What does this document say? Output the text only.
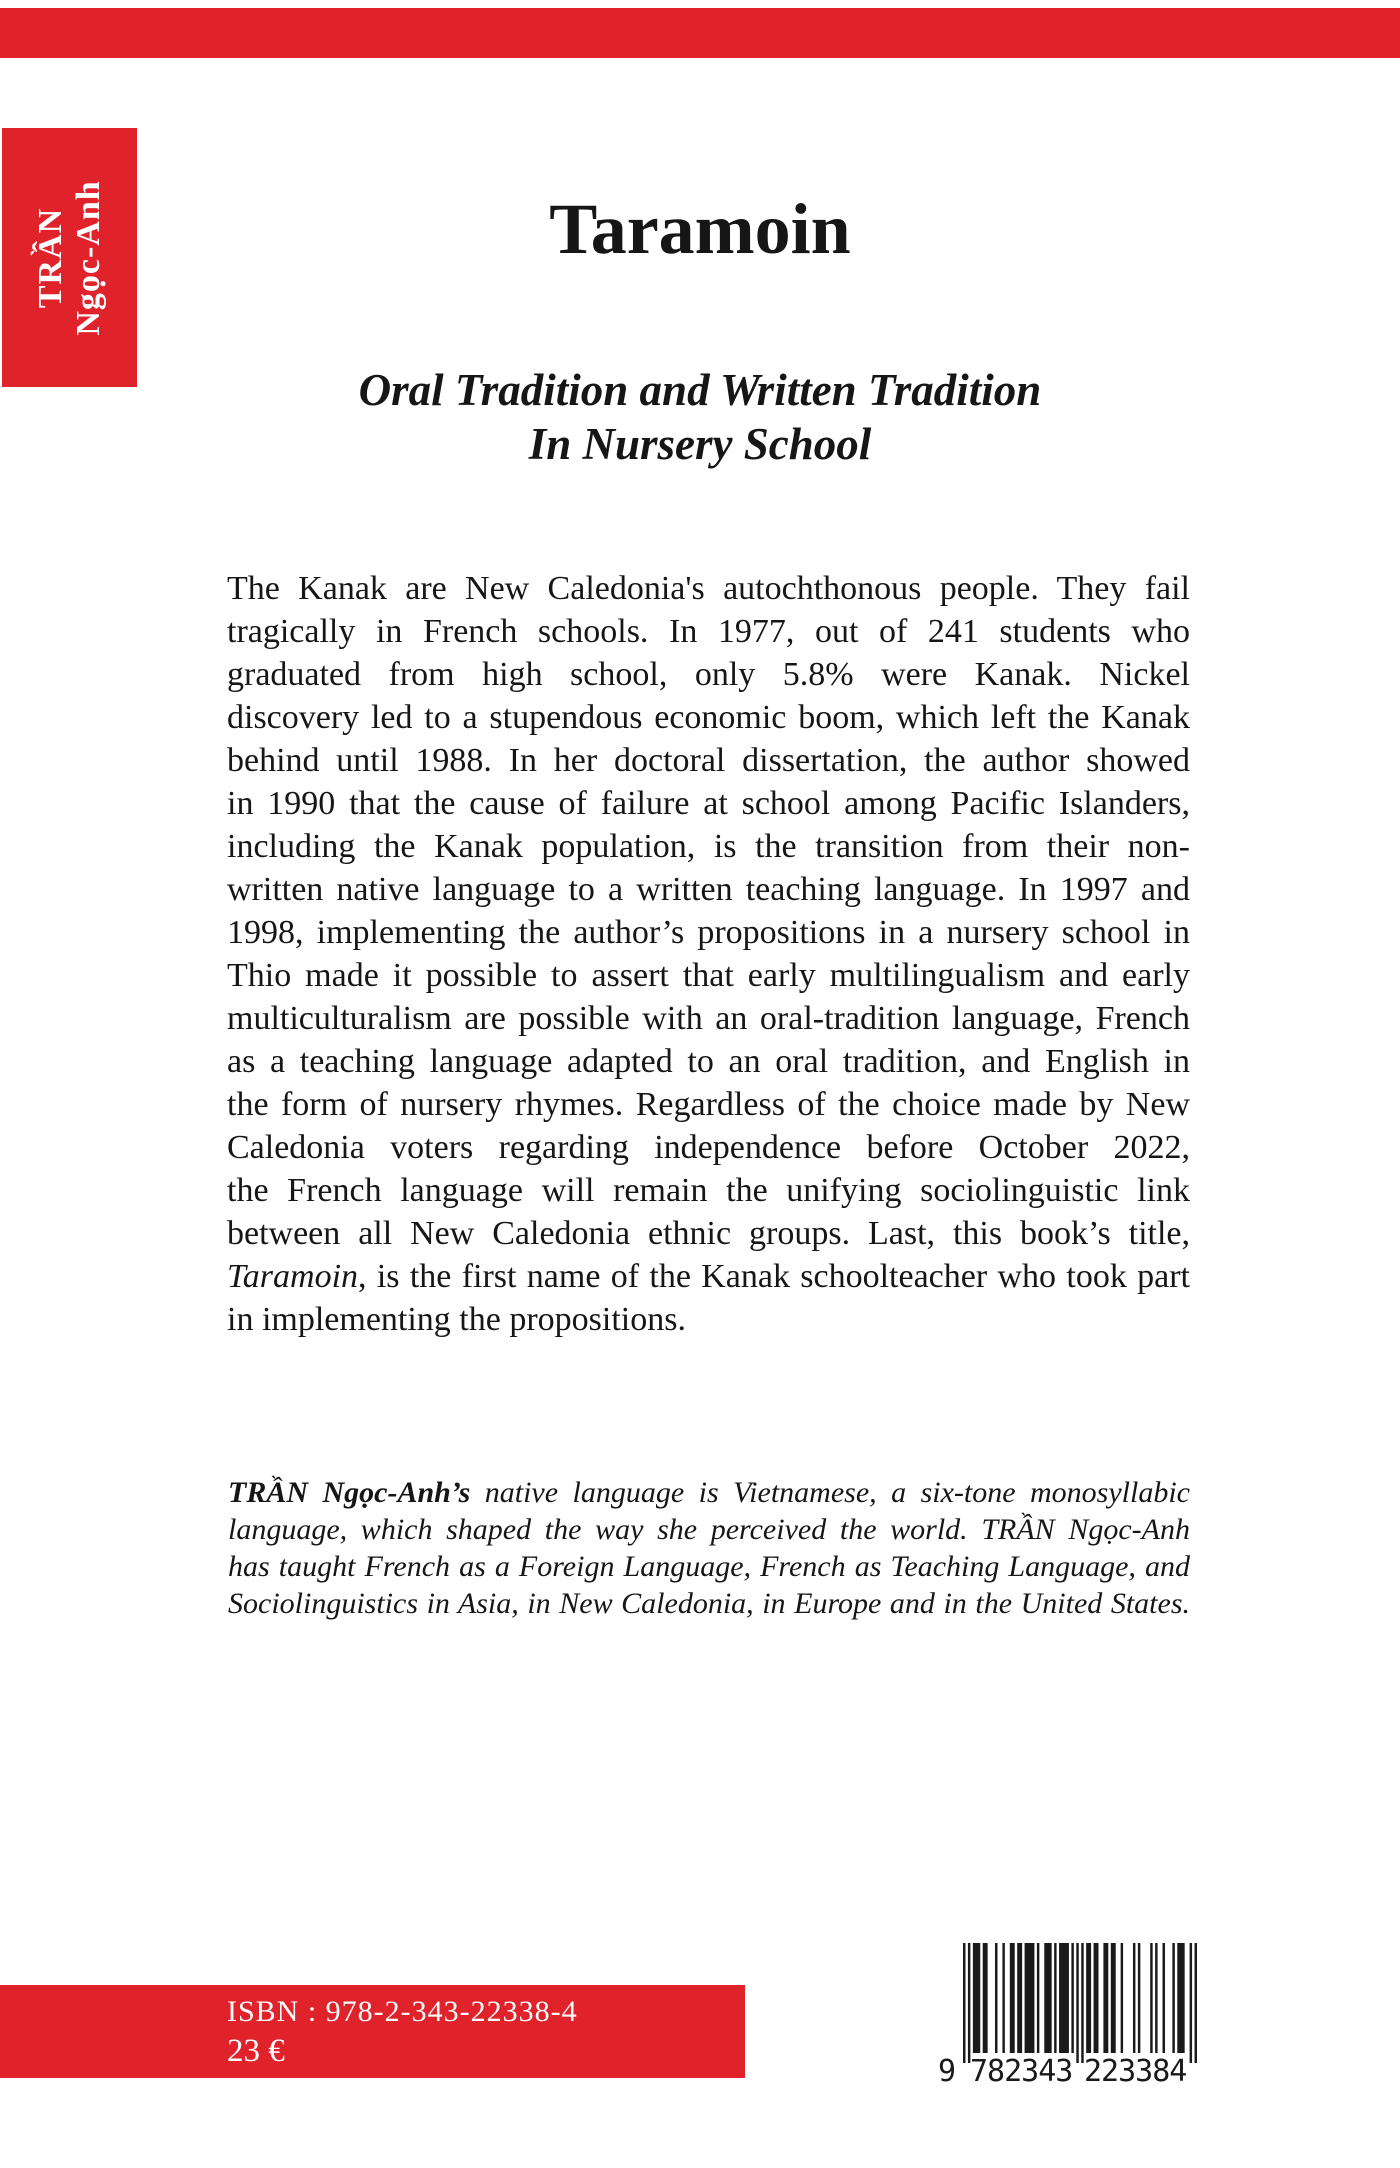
TRẦN Ngọc-Anh	Taramoin
Oral Tradition and Written Tradition
In Nursery School
The Kanak are New Caledonia's autochthonous people. They fail
tragically in French schools. In 1977, out of 241 students who
graduated from high school, only 5.8% were Kanak. Nickel
discovery led to a stupendous economic boom, which left the Kanak
behind until 1988. In her doctoral dissertation, the author showed
in 1990 that the cause of failure at school among Pacific Islanders,
including the Kanak population, is the transition from their non-
written native language to a written teaching language. In 1997 and
1998, implementing the author’s propositions in a nursery school in
Thio made it possible to assert that early multilingualism and early
multiculturalism are possible with an oral-tradition language, French
as a teaching language adapted to an oral tradition, and English in
the form of nursery rhymes. Regardless of the choice made by New
Caledonia voters regarding independence before October 2022,
the French language will remain the unifying sociolinguistic link
between all New Caledonia ethnic groups. Last, this book’s title,
Taramoin, is the first name of the Kanak schoolteacher who took part
in implementing the propositions.
TRẦN Ngọc-Anh’s native language is Vietnamese, a six-tone monosyllabic
language, which shaped the way she perceived the world. TRẦN Ngọc-Anh
has taught French as a Foreign Language, French as Teaching Language, and
Sociolinguistics in Asia, in New Caledonia, in Europe and in the United States.
ISBN : 978-2-343-22338-4
23 €
9 782343 223384
